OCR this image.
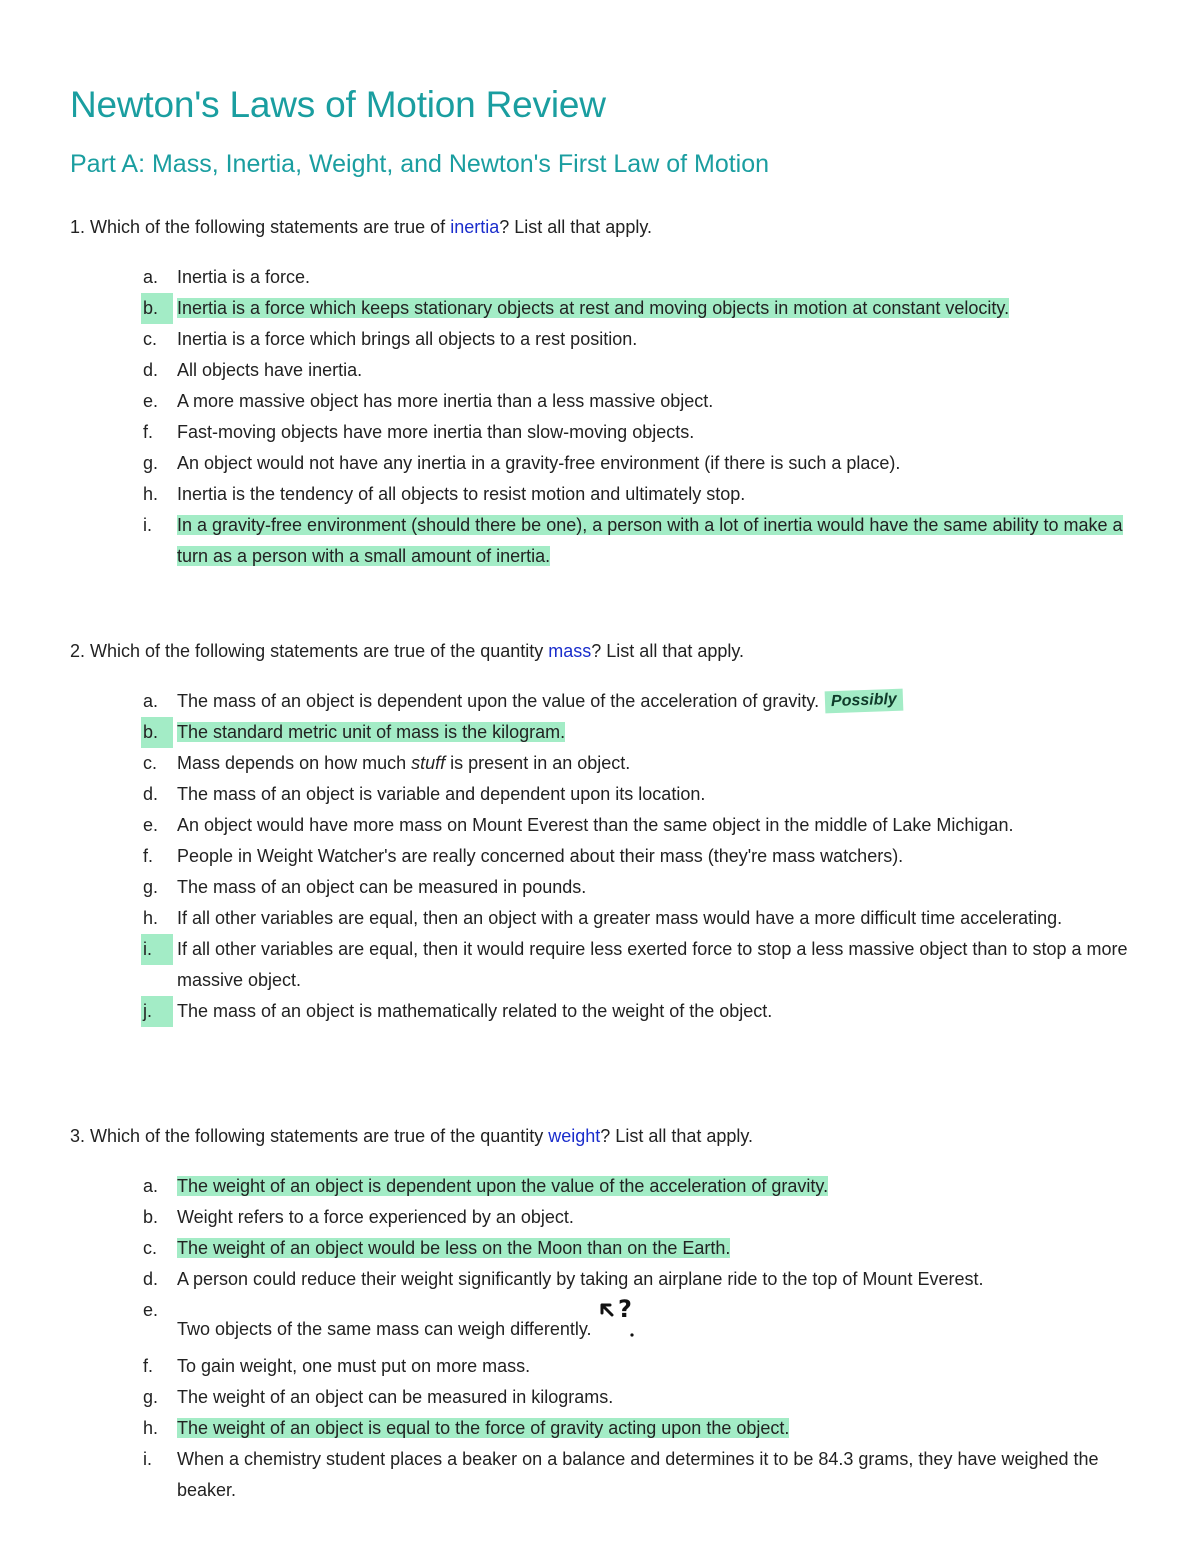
Newton's Laws of Motion Review
Part A: Mass, Inertia, Weight, and Newton's First Law of Motion

1. Which of the following statements are true of inertia? List all that apply.

a.	Inertia is a force.
b.	Inertia is a force which keeps stationary objects at rest and moving objects in motion at constant velocity.
c.	Inertia is a force which brings all objects to a rest position.
d.	All objects have inertia.
e.	A more massive object has more inertia than a less massive object.
f.	Fast-moving objects have more inertia than slow-moving objects.
g.	An object would not have any inertia in a gravity-free environment (if there is such a place).
h.	Inertia is the tendency of all objects to resist motion and ultimately stop.
i.	In a gravity-free environment (should there be one), a person with a lot of inertia would have the same ability to make a turn as a person with a small amount of inertia.

2. Which of the following statements are true of the quantity mass? List all that apply.

a.	The mass of an object is dependent upon the value of the acceleration of gravity. Possibly
b.	The standard metric unit of mass is the kilogram.
c.	Mass depends on how much stuff is present in an object.
d.	The mass of an object is variable and dependent upon its location.
e.	An object would have more mass on Mount Everest than the same object in the middle of Lake Michigan.
f.	People in Weight Watcher's are really concerned about their mass (they're mass watchers).
g.	The mass of an object can be measured in pounds.
h.	If all other variables are equal, then an object with a greater mass would have a more difficult time accelerating.
i.	If all other variables are equal, then it would require less exerted force to stop a less massive object than to stop a more massive object.
j.	The mass of an object is mathematically related to the weight of the object.

3. Which of the following statements are true of the quantity weight? List all that apply.

a.	The weight of an object is dependent upon the value of the acceleration of gravity.
b.	Weight refers to a force experienced by an object.
c.	The weight of an object would be less on the Moon than on the Earth.
d.	A person could reduce their weight significantly by taking an airplane ride to the top of Mount Everest.
e.
Two objects of the same mass can weigh differently.
?
f.	To gain weight, one must put on more mass.
g.	The weight of an object can be measured in kilograms.
h.	The weight of an object is equal to the force of gravity acting upon the object.
i.	When a chemistry student places a beaker on a balance and determines it to be 84.3 grams, they have weighed the beaker.
